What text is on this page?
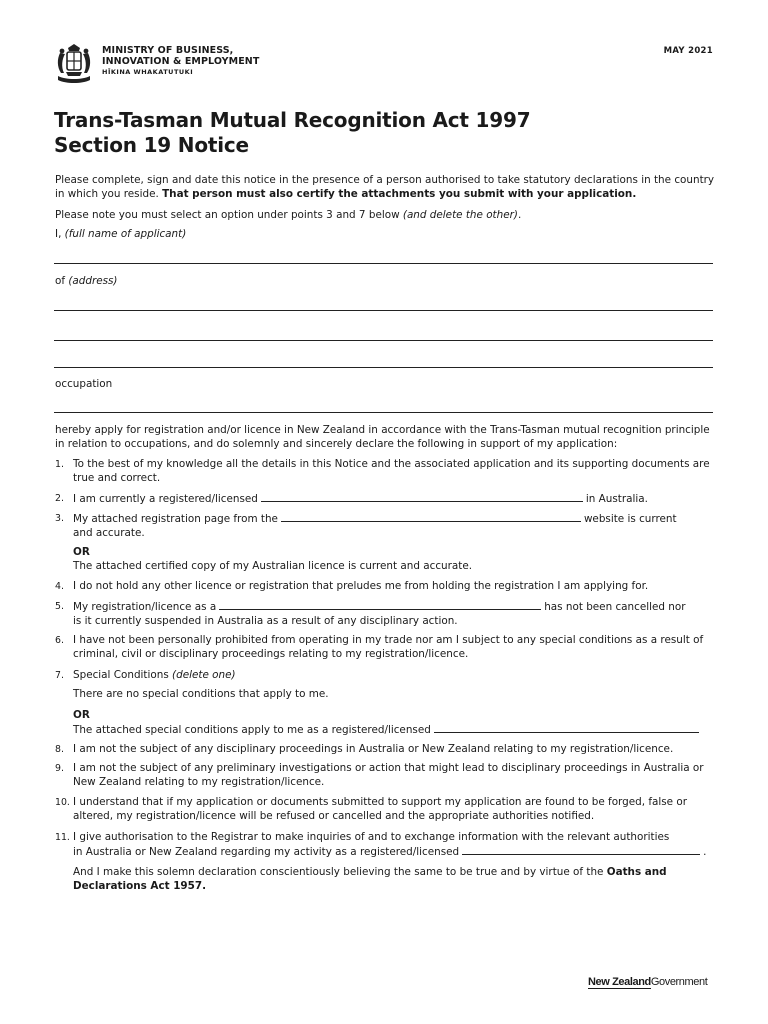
MINISTRY OF BUSINESS,
INNOVATION & EMPLOYMENT
HĪKINA WHAKATUTUKI
MAY 2021
Trans-Tasman Mutual Recognition Act 1997
Section 19 Notice
Please complete, sign and date this notice in the presence of a person authorised to take statutory declarations in the country in which you reside. That person must also certify the attachments you submit with your application.
Please note you must select an option under points 3 and 7 below (and delete the other).
I, (full name of applicant)
of (address)
occupation
hereby apply for registration and/or licence in New Zealand in accordance with the Trans-Tasman mutual recognition principle in relation to occupations, and do solemnly and sincerely declare the following in support of my application:
1. To the best of my knowledge all the details in this Notice and the associated application and its supporting documents are true and correct.
2. I am currently a registered/licensed	in Australia.
3. My attached registration page from the	website is current
and accurate.
OR
The attached certified copy of my Australian licence is current and accurate.
4. I do not hold any other licence or registration that preludes me from holding the registration I am applying for.
5. My registration/licence as a	has not been cancelled nor
is it currently suspended in Australia as a result of any disciplinary action.
6. I have not been personally prohibited from operating in my trade nor am I subject to any special conditions as a result of criminal, civil or disciplinary proceedings relating to my registration/licence.
7. Special Conditions (delete one)
There are no special conditions that apply to me.
OR
The attached special conditions apply to me as a registered/licensed
8. I am not the subject of any disciplinary proceedings in Australia or New Zealand relating to my registration/licence.
9. I am not the subject of any preliminary investigations or action that might lead to disciplinary proceedings in Australia or New Zealand relating to my registration/licence.
10. I understand that if my application or documents submitted to support my application are found to be forged, false or altered, my registration/licence will be refused or cancelled and the appropriate authorities notified.
11. I give authorisation to the Registrar to make inquiries of and to exchange information with the relevant authorities
in Australia or New Zealand regarding my activity as a registered/licensed	.
And I make this solemn declaration conscientiously believing the same to be true and by virtue of the Oaths and Declarations Act 1957.
New ZealandGovernment
